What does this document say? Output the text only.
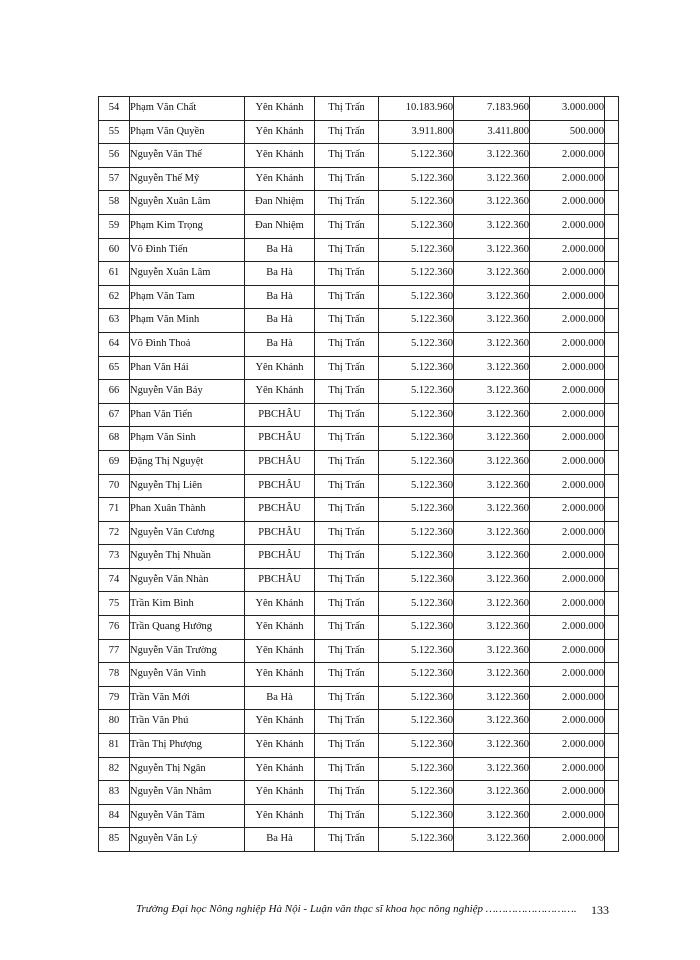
54	Phạm Văn Chất	Yên Khánh	Thị Trấn	10.183.960	7.183.960	3.000.000	
55	Phạm Văn Quyền	Yên Khánh	Thị Trấn	3.911.800	3.411.800	500.000	
56	Nguyễn Văn Thế	Yên Khánh	Thị Trấn	5.122.360	3.122.360	2.000.000	
57	Nguyễn Thế Mỹ	Yên Khánh	Thị Trấn	5.122.360	3.122.360	2.000.000	
58	Nguyễn Xuân Lâm	Đan Nhiệm	Thị Trấn	5.122.360	3.122.360	2.000.000	
59	Phạm Kim Trọng	Đan Nhiệm	Thị Trấn	5.122.360	3.122.360	2.000.000	
60	Võ Đình Tiến	Ba Hà	Thị Trấn	5.122.360	3.122.360	2.000.000	
61	Nguyễn Xuân Lâm	Ba Hà	Thị Trấn	5.122.360	3.122.360	2.000.000	
62	Phạm Văn Tam	Ba Hà	Thị Trấn	5.122.360	3.122.360	2.000.000	
63	Phạm Văn Minh	Ba Hà	Thị Trấn	5.122.360	3.122.360	2.000.000	
64	Võ Đình Thoả	Ba Hà	Thị Trấn	5.122.360	3.122.360	2.000.000	
65	Phan Văn Hải	Yên Khánh	Thị Trấn	5.122.360	3.122.360	2.000.000	
66	Nguyễn Văn Bảy	Yên Khánh	Thị Trấn	5.122.360	3.122.360	2.000.000	
67	Phan Văn Tiến	PBCHÂU	Thị Trấn	5.122.360	3.122.360	2.000.000	
68	Phạm Văn Sinh	PBCHÂU	Thị Trấn	5.122.360	3.122.360	2.000.000	
69	Đặng Thị Nguyệt	PBCHÂU	Thị Trấn	5.122.360	3.122.360	2.000.000	
70	Nguyễn Thị Liên	PBCHÂU	Thị Trấn	5.122.360	3.122.360	2.000.000	
71	Phan Xuân Thành	PBCHÂU	Thị Trấn	5.122.360	3.122.360	2.000.000	
72	Nguyễn Văn Cương	PBCHÂU	Thị Trấn	5.122.360	3.122.360	2.000.000	
73	Nguyễn Thị Nhuần	PBCHÂU	Thị Trấn	5.122.360	3.122.360	2.000.000	
74	Nguyễn Văn Nhàn	PBCHÂU	Thị Trấn	5.122.360	3.122.360	2.000.000	
75	Trần Kim Bình	Yên Khánh	Thị Trấn	5.122.360	3.122.360	2.000.000	
76	Trần Quang Hưởng	Yên Khánh	Thị Trấn	5.122.360	3.122.360	2.000.000	
77	Nguyễn Văn Trường	Yên Khánh	Thị Trấn	5.122.360	3.122.360	2.000.000	
78	Nguyễn Văn Vinh	Yên Khánh	Thị Trấn	5.122.360	3.122.360	2.000.000	
79	Trần Văn Mới	Ba Hà	Thị Trấn	5.122.360	3.122.360	2.000.000	
80	Trần Văn Phú	Yên Khánh	Thị Trấn	5.122.360	3.122.360	2.000.000	
81	Trần Thị Phượng	Yên Khánh	Thị Trấn	5.122.360	3.122.360	2.000.000	
82	Nguyễn Thị Ngân	Yên Khánh	Thị Trấn	5.122.360	3.122.360	2.000.000	
83	Nguyễn Văn Nhâm	Yên Khánh	Thị Trấn	5.122.360	3.122.360	2.000.000	
84	Nguyễn Văn Tâm	Yên Khánh	Thị Trấn	5.122.360	3.122.360	2.000.000	
85	Nguyễn Văn Lý	Ba Hà	Thị Trấn	5.122.360	3.122.360	2.000.000	
Trường Đại học Nông nghiệp Hà Nội - Luận văn thạc sĩ khoa học nông nghiệp ………………………. 133
